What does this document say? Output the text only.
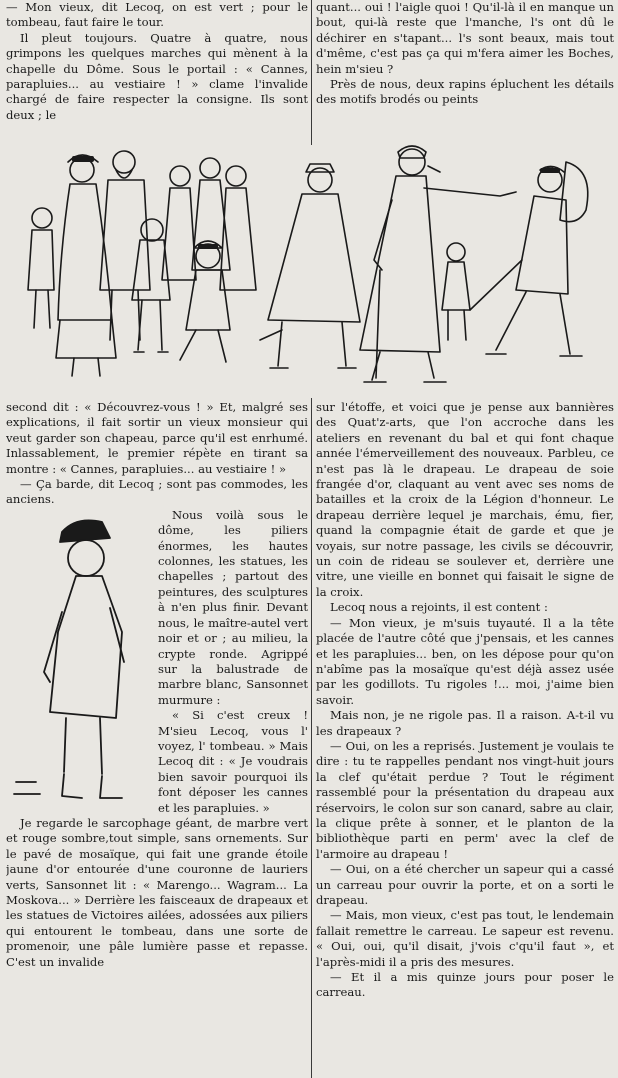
— Mon vieux, dit Lecoq, on est vert ; pour le tombeau, faut faire le tour.

Il pleut toujours. Quatre à quatre, nous grimpons les quelques marches qui mènent à la chapelle du Dôme. Sous le portail : « Cannes, parapluies... au vestiaire ! » clame l'invalide chargé de faire respecter la consigne. Ils sont deux ; le

quant... oui ! l'aigle quoi ! Qu'il-là il en manque un bout, qui-là reste que l'manche, l's ont dû le déchirer en s'tapant... l's sont beaux, mais tout d'même, c'est pas ça qui m'fera aimer les Boches, hein m'sieu ?

Près de nous, deux rapins épluchent les détails des motifs brodés ou peints

second dit : « Découvrez-vous ! » Et, malgré ses explications, il fait sortir un vieux monsieur qui veut garder son chapeau, parce qu'il est enrhumé. Inlassablement, le premier répète en tirant sa montre : « Cannes, parapluies... au vestiaire ! »

— Ça barde, dit Lecoq ; sont pas commodes, les anciens.

Nous voilà sous le dôme, les piliers énormes, les hautes colonnes, les statues, les chapelles ; partout des peintures, des sculptures à n'en plus finir. Devant nous, le maître-autel vert noir et or ; au milieu, la crypte ronde. Agrippé sur la balustrade de marbre blanc, Sansonnet murmure :

« Si c'est creux ! M'sieu Lecoq, vous l' voyez, l' tombeau. » Mais Lecoq dit : « Je voudrais bien savoir pourquoi ils font déposer les cannes et les parapluies. »

Je regarde le sarcophage géant, de marbre vert et rouge sombre,tout simple, sans ornements. Sur le pavé de mosaïque, qui fait une grande étoile jaune d'or entourée d'une couronne de lauriers verts, Sansonnet lit : « Marengo... Wagram... La Moskova... » Derrière les faisceaux de drapeaux et les statues de Victoires ailées, adossées aux piliers qui entourent le tombeau, dans une sorte de promenoir, une pâle lumière passe et repasse. C'est un invalide

sur l'étoffe, et voici que je pense aux bannières des Quat'z-arts, que l'on accroche dans les ateliers en revenant du bal et qui font chaque année l'émerveillement des nouveaux. Parbleu, ce n'est pas là le drapeau. Le drapeau de soie frangée d'or, claquant au vent avec ses noms de batailles et la croix de la Légion d'honneur. Le drapeau derrière lequel je marchais, ému, fier, quand la compagnie était de garde et que je voyais, sur notre passage, les civils se découvrir, un coin de rideau se soulever et, derrière une vitre, une vieille en bonnet qui faisait le signe de la croix.

Lecoq nous a rejoints, il est content :

— Mon vieux, je m'suis tuyauté. Il a la tête placée de l'autre côté que j'pensais, et les cannes et les parapluies... ben, on les dépose pour qu'on n'abîme pas la mosaïque qu'est déjà assez usée par les godillots. Tu rigoles !... moi, j'aime bien savoir.

Mais non, je ne rigole pas. Il a raison. A-t-il vu les drapeaux ?

— Oui, on les a reprisés. Justement je voulais te dire : tu te rappelles pendant nos vingt-huit jours la clef qu'était perdue ? Tout le régiment rassemblé pour la présentation du drapeau aux réservoirs, le colon sur son canard, sabre au clair, la clique prête à sonner, et le planton de la bibliothèque parti en perm' avec la clef de l'armoire au drapeau !

— Oui, on a été chercher un sapeur qui a cassé un carreau pour ouvrir la porte, et on a sorti le drapeau.

— Mais, mon vieux, c'est pas tout, le lendemain fallait remettre le carreau. Le sapeur est revenu. « Oui, oui, qu'il disait, j'vois c'qu'il faut », et l'après-midi il a pris des mesures.

— Et il a mis quinze jours pour poser le carreau.
